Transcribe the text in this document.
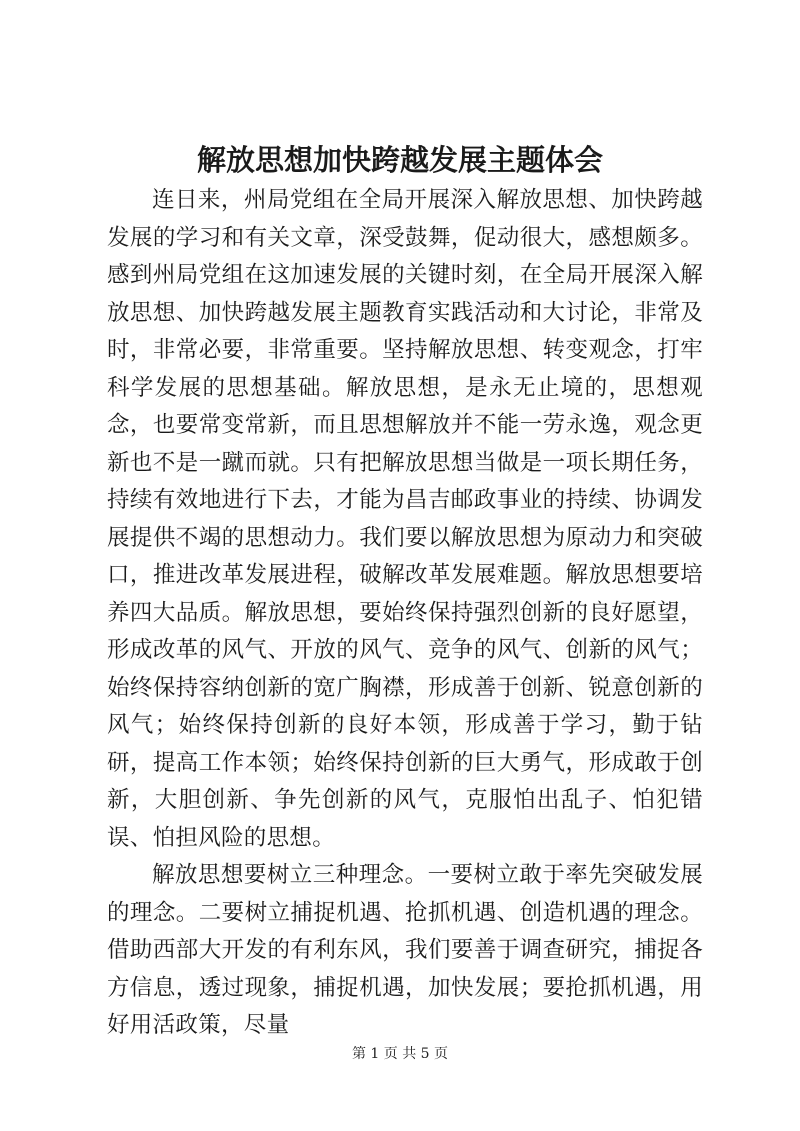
解放思想加快跨越发展主题体会

连日来，州局党组在全局开展深入解放思想、加快跨越发展的学习和有关文章，深受鼓舞，促动很大，感想颇多。感到州局党组在这加速发展的关键时刻，在全局开展深入解放思想、加快跨越发展主题教育实践活动和大讨论，非常及时，非常必要，非常重要。坚持解放思想、转变观念，打牢科学发展的思想基础。解放思想，是永无止境的，思想观念，也要常变常新，而且思想解放并不能一劳永逸，观念更新也不是一蹴而就。只有把解放思想当做是一项长期任务，持续有效地进行下去，才能为昌吉邮政事业的持续、协调发展提供不竭的思想动力。我们要以解放思想为原动力和突破口，推进改革发展进程，破解改革发展难题。解放思想要培养四大品质。解放思想，要始终保持强烈创新的良好愿望，形成改革的风气、开放的风气、竞争的风气、创新的风气；始终保持容纳创新的宽广胸襟，形成善于创新、锐意创新的风气；始终保持创新的良好本领，形成善于学习，勤于钻研，提高工作本领；始终保持创新的巨大勇气，形成敢于创新，大胆创新、争先创新的风气，克服怕出乱子、怕犯错误、怕担风险的思想。

解放思想要树立三种理念。一要树立敢于率先突破发展的理念。二要树立捕捉机遇、抢抓机遇、创造机遇的理念。借助西部大开发的有利东风，我们要善于调查研究，捕捉各方信息，透过现象，捕捉机遇，加快发展；要抢抓机遇，用好用活政策，尽量

第 1 页 共 5 页
